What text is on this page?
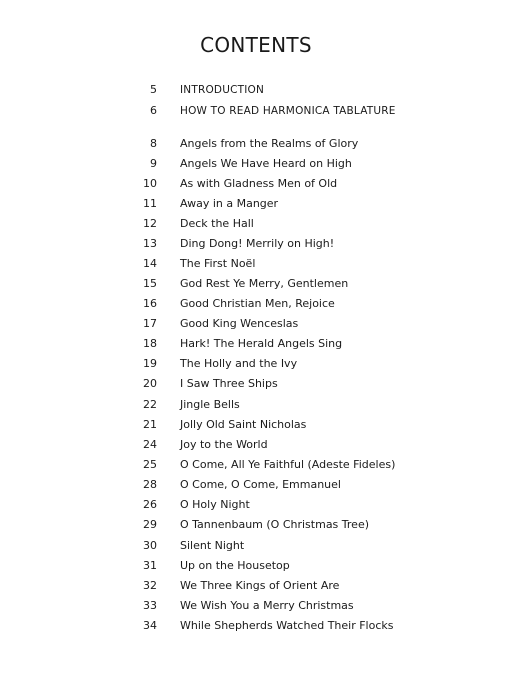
CONTENTS
5 INTRODUCTION
6 HOW TO READ HARMONICA TABLATURE
8 Angels from the Realms of Glory
9 Angels We Have Heard on High
10 As with Gladness Men of Old
11 Away in a Manger
12 Deck the Hall
13 Ding Dong! Merrily on High!
14 The First Noël
15 God Rest Ye Merry, Gentlemen
16 Good Christian Men, Rejoice
17 Good King Wenceslas
18 Hark! The Herald Angels Sing
19 The Holly and the Ivy
20 I Saw Three Ships
22 Jingle Bells
21 Jolly Old Saint Nicholas
24 Joy to the World
25 O Come, All Ye Faithful (Adeste Fideles)
28 O Come, O Come, Emmanuel
26 O Holy Night
29 O Tannenbaum (O Christmas Tree)
30 Silent Night
31 Up on the Housetop
32 We Three Kings of Orient Are
33 We Wish You a Merry Christmas
34 While Shepherds Watched Their Flocks
